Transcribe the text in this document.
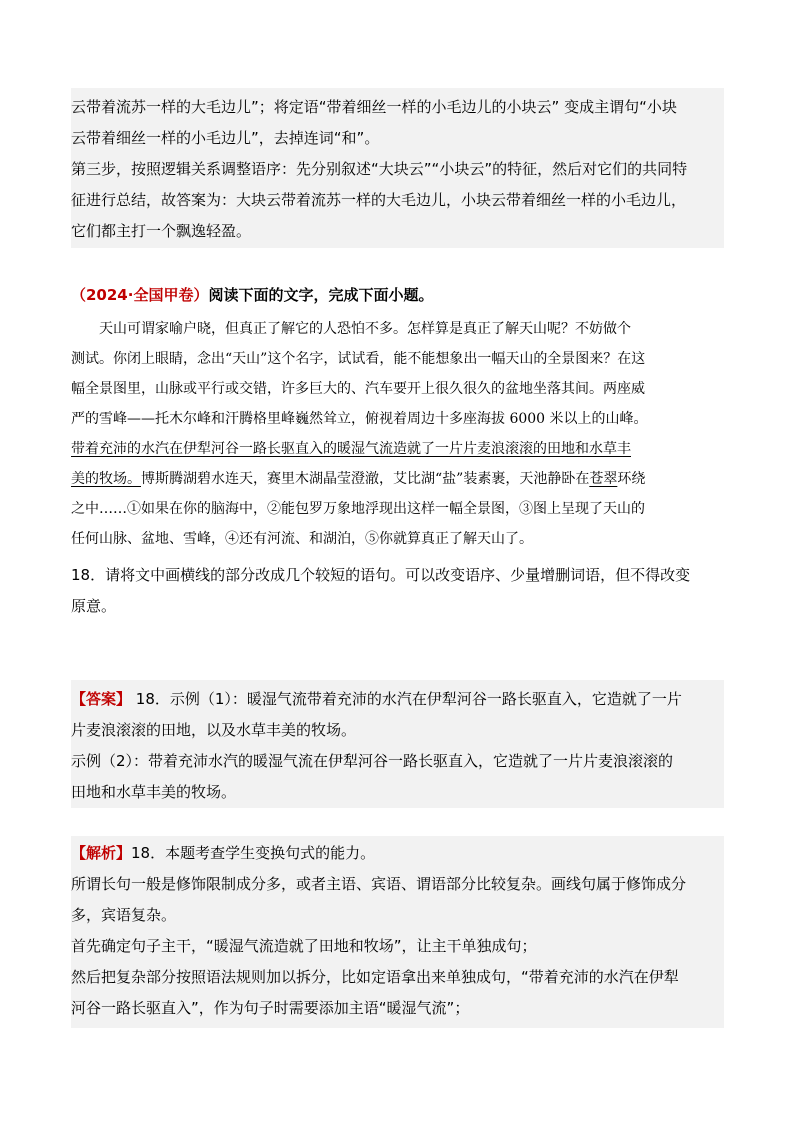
云带着流苏一样的大毛边儿”；将定语“带着细丝一样的小毛边儿的小块云” 变成主谓句“小块
云带着细丝一样的小毛边儿”，去掉连词“和”。
第三步，按照逻辑关系调整语序：先分别叙述“大块云”“小块云”的特征，然后对它们的共同特
征进行总结，故答案为：大块云带着流苏一样的大毛边儿，小块云带着细丝一样的小毛边儿，
它们都主打一个飘逸轻盈。
（2024·全国甲卷）阅读下面的文字，完成下面小题。
天山可谓家喻户晓，但真正了解它的人恐怕不多。怎样算是真正了解天山呢？不妨做个
测试。你闭上眼睛，念出“天山”这个名字，试试看，能不能想象出一幅天山的全景图来？在这
幅全景图里，山脉或平行或交错，许多巨大的、汽车要开上很久很久的盆地坐落其间。两座威
严的雪峰——托木尔峰和汗腾格里峰巍然耸立，俯视着周边十多座海拔 6000 米以上的山峰。
带着充沛的水汽在伊犁河谷一路长驱直入的暖湿气流造就了一片片麦浪滚滚的田地和水草丰
美的牧场。博斯腾湖碧水连天，赛里木湖晶莹澄澈，艾比湖“盐”装素裹，天池静卧在苍翠环绕
之中……①如果在你的脑海中，②能包罗万象地浮现出这样一幅全景图，③图上呈现了天山的
任何山脉、盆地、雪峰，④还有河流、和湖泊，⑤你就算真正了解天山了。
18．请将文中画横线的部分改成几个较短的语句。可以改变语序、少量增删词语，但不得改变
原意。
【答案】 18．示例（1）：暖湿气流带着充沛的水汽在伊犁河谷一路长驱直入，它造就了一片
片麦浪滚滚的田地，以及水草丰美的牧场。
示例（2）：带着充沛水汽的暖湿气流在伊犁河谷一路长驱直入，它造就了一片片麦浪滚滚的
田地和水草丰美的牧场。
【解析】18．本题考查学生变换句式的能力。
所谓长句一般是修饰限制成分多，或者主语、宾语、谓语部分比较复杂。画线句属于修饰成分
多，宾语复杂。
首先确定句子主干，“暖湿气流造就了田地和牧场”，让主干单独成句；
然后把复杂部分按照语法规则加以拆分，比如定语拿出来单独成句，“带着充沛的水汽在伊犁
河谷一路长驱直入”，作为句子时需要添加主语“暖湿气流”；
